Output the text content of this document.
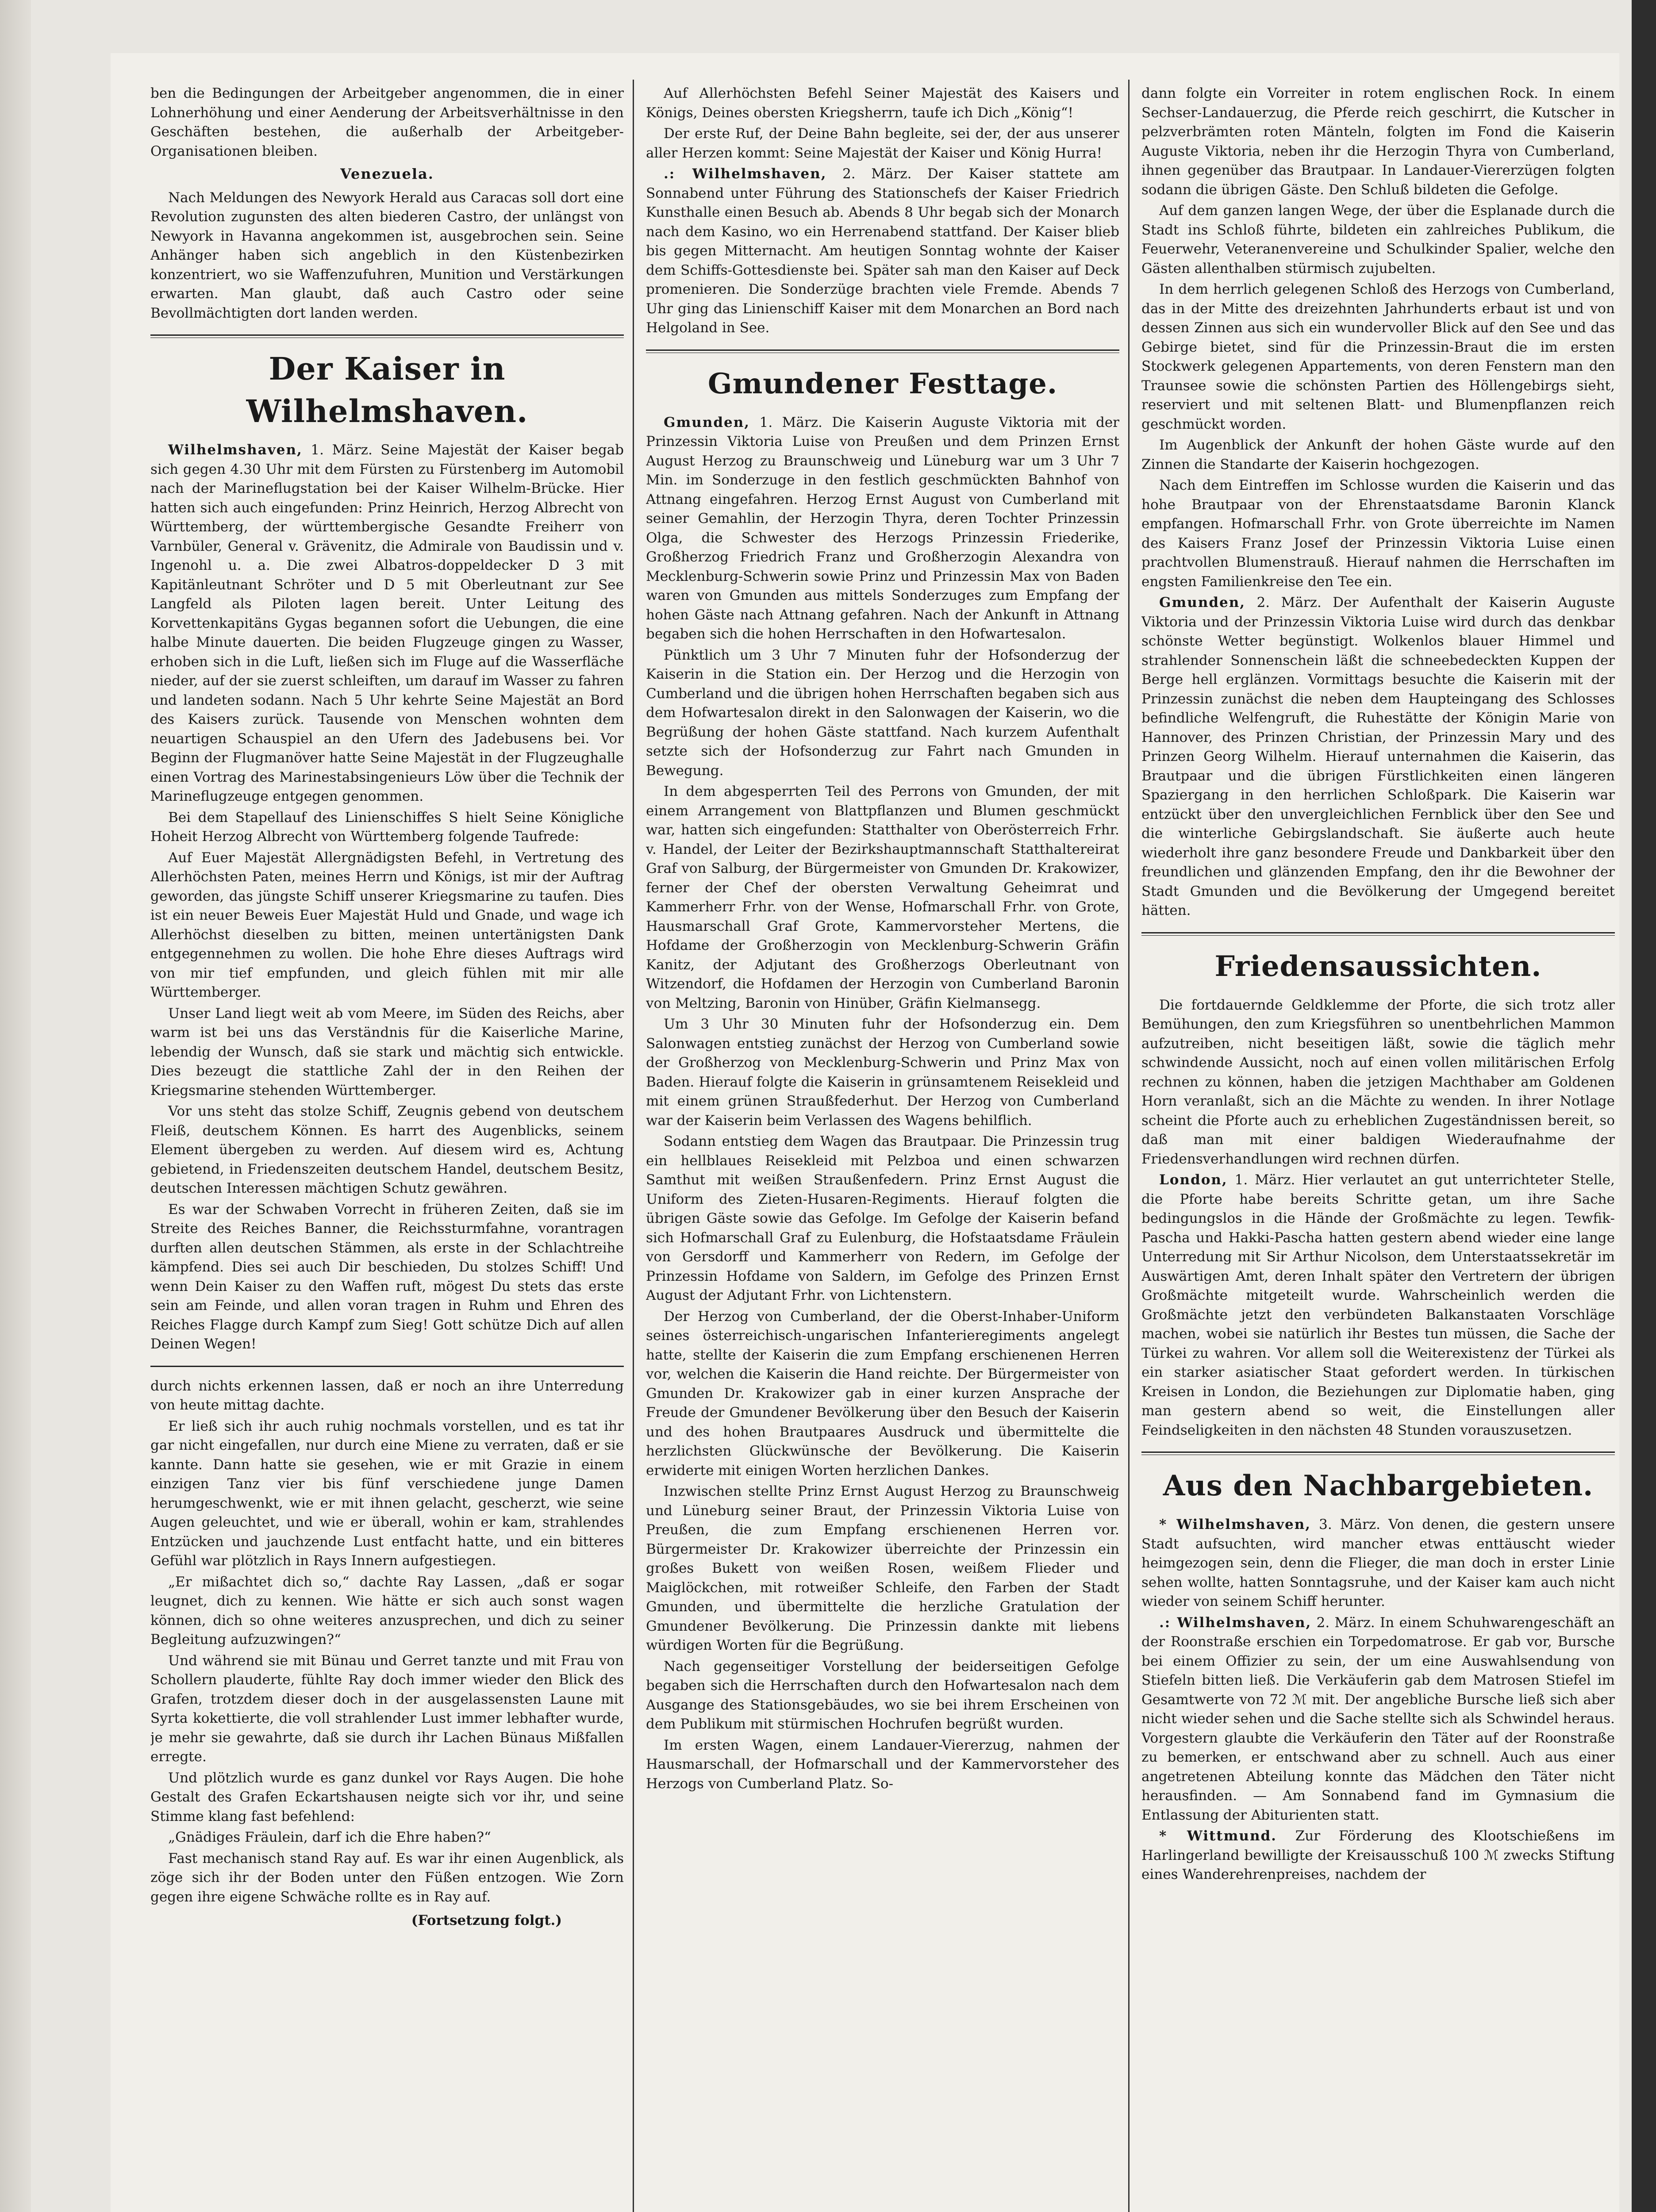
ben die Bedingungen der Arbeitgeber angenommen, die in einer Lohnerhöhung und einer Aenderung der Arbeitsverhältnisse in den Geschäften bestehen, die außerhalb der Arbeitgeber-Organisationen bleiben.

Venezuela.

Nach Meldungen des Newyork Herald aus Caracas soll dort eine Revolution zugunsten des alten biederen Castro, der unlängst von Newyork in Havanna angekommen ist, ausgebrochen sein. Seine Anhänger haben sich angeblich in den Küstenbezirken konzentriert, wo sie Waffenzufuhren, Munition und Verstärkungen erwarten. Man glaubt, daß auch Castro oder seine Bevollmächtigten dort landen werden.

Der Kaiser in Wilhelmshaven.

Wilhelmshaven, 1. März. Seine Majestät der Kaiser begab sich gegen 4.30 Uhr mit dem Fürsten zu Fürstenberg im Automobil nach der Marineflugstation bei der Kaiser Wilhelm-Brücke. Hier hatten sich auch eingefunden: Prinz Heinrich, Herzog Albrecht von Württemberg, der württembergische Gesandte Freiherr von Varnbüler, General v. Grävenitz, die Admirale von Baudissin und v. Ingenohl u. a. Die zwei Albatros-doppeldecker D 3 mit Kapitänleutnant Schröter und D 5 mit Oberleutnant zur See Langfeld als Piloten lagen bereit. Unter Leitung des Korvettenkapitäns Gygas begannen sofort die Uebungen, die eine halbe Minute dauerten. Die beiden Flugzeuge gingen zu Wasser, erhoben sich in die Luft, ließen sich im Fluge auf die Wasserfläche nieder, auf der sie zuerst schleiften, um darauf im Wasser zu fahren und landeten sodann. Nach 5 Uhr kehrte Seine Majestät an Bord des Kaisers zurück. Tausende von Menschen wohnten dem neuartigen Schauspiel an den Ufern des Jadebusens bei. Vor Beginn der Flugmanöver hatte Seine Majestät in der Flugzeughalle einen Vortrag des Marinestabsingenieurs Löw über die Technik der Marineflugzeuge entgegen genommen.

Bei dem Stapellauf des Linienschiffes S hielt Seine Königliche Hoheit Herzog Albrecht von Württemberg folgende Taufrede:

Auf Euer Majestät Allergnädigsten Befehl, in Vertretung des Allerhöchsten Paten, meines Herrn und Königs, ist mir der Auftrag geworden, das jüngste Schiff unserer Kriegsmarine zu taufen. Dies ist ein neuer Beweis Euer Majestät Huld und Gnade, und wage ich Allerhöchst dieselben zu bitten, meinen untertänigsten Dank entgegennehmen zu wollen. Die hohe Ehre dieses Auftrags wird von mir tief empfunden, und gleich fühlen mit mir alle Württemberger.

Unser Land liegt weit ab vom Meere, im Süden des Reichs, aber warm ist bei uns das Verständnis für die Kaiserliche Marine, lebendig der Wunsch, daß sie stark und mächtig sich entwickle. Dies bezeugt die stattliche Zahl der in den Reihen der Kriegsmarine stehenden Württemberger.

Vor uns steht das stolze Schiff, Zeugnis gebend von deutschem Fleiß, deutschem Können. Es harrt des Augenblicks, seinem Element übergeben zu werden. Auf diesem wird es, Achtung gebietend, in Friedenszeiten deutschem Handel, deutschem Besitz, deutschen Interessen mächtigen Schutz gewähren.

Es war der Schwaben Vorrecht in früheren Zeiten, daß sie im Streite des Reiches Banner, die Reichssturmfahne, vorantragen durften allen deutschen Stämmen, als erste in der Schlachtreihe kämpfend. Dies sei auch Dir beschieden, Du stolzes Schiff! Und wenn Dein Kaiser zu den Waffen ruft, mögest Du stets das erste sein am Feinde, und allen voran tragen in Ruhm und Ehren des Reiches Flagge durch Kampf zum Sieg! Gott schütze Dich auf allen Deinen Wegen!

durch nichts erkennen lassen, daß er noch an ihre Unterredung von heute mittag dachte.

Er ließ sich ihr auch ruhig nochmals vorstellen, und es tat ihr gar nicht eingefallen, nur durch eine Miene zu verraten, daß er sie kannte. Dann hatte sie gesehen, wie er mit Grazie in einem einzigen Tanz vier bis fünf verschiedene junge Damen herumgeschwenkt, wie er mit ihnen gelacht, gescherzt, wie seine Augen geleuchtet, und wie er überall, wohin er kam, strahlendes Entzücken und jauchzende Lust entfacht hatte, und ein bitteres Gefühl war plötzlich in Rays Innern aufgestiegen.

„Er mißachtet dich so,“ dachte Ray Lassen, „daß er sogar leugnet, dich zu kennen. Wie hätte er sich auch sonst wagen können, dich so ohne weiteres anzusprechen, und dich zu seiner Begleitung aufzuzwingen?“

Und während sie mit Bünau und Gerret tanzte und mit Frau von Schollern plauderte, fühlte Ray doch immer wieder den Blick des Grafen, trotzdem dieser doch in der ausgelassensten Laune mit Syrta kokettierte, die voll strahlender Lust immer lebhafter wurde, je mehr sie gewahrte, daß sie durch ihr Lachen Bünaus Mißfallen erregte.

Und plötzlich wurde es ganz dunkel vor Rays Augen. Die hohe Gestalt des Grafen Eckartshausen neigte sich vor ihr, und seine Stimme klang fast befehlend:

„Gnädiges Fräulein, darf ich die Ehre haben?“

Fast mechanisch stand Ray auf. Es war ihr einen Augenblick, als zöge sich ihr der Boden unter den Füßen entzogen. Wie Zorn gegen ihre eigene Schwäche rollte es in Ray auf.

(Fortsetzung folgt.)

Auf Allerhöchsten Befehl Seiner Majestät des Kaisers und Königs, Deines obersten Kriegsherrn, taufe ich Dich „König“!

Der erste Ruf, der Deine Bahn begleite, sei der, der aus unserer aller Herzen kommt: Seine Majestät der Kaiser und König Hurra!

.: Wilhelmshaven, 2. März. Der Kaiser stattete am Sonnabend unter Führung des Stationschefs der Kaiser Friedrich Kunsthalle einen Besuch ab. Abends 8 Uhr begab sich der Monarch nach dem Kasino, wo ein Herrenabend stattfand. Der Kaiser blieb bis gegen Mitternacht. Am heutigen Sonntag wohnte der Kaiser dem Schiffs-Gottesdienste bei. Später sah man den Kaiser auf Deck promenieren. Die Sonderzüge brachten viele Fremde. Abends 7 Uhr ging das Linienschiff Kaiser mit dem Monarchen an Bord nach Helgoland in See.

Gmundener Festtage.

Gmunden, 1. März. Die Kaiserin Auguste Viktoria mit der Prinzessin Viktoria Luise von Preußen und dem Prinzen Ernst August Herzog zu Braunschweig und Lüneburg war um 3 Uhr 7 Min. im Sonderzuge in den festlich geschmückten Bahnhof von Attnang eingefahren. Herzog Ernst August von Cumberland mit seiner Gemahlin, der Herzogin Thyra, deren Tochter Prinzessin Olga, die Schwester des Herzogs Prinzessin Friederike, Großherzog Friedrich Franz und Großherzogin Alexandra von Mecklenburg-Schwerin sowie Prinz und Prinzessin Max von Baden waren von Gmunden aus mittels Sonderzuges zum Empfang der hohen Gäste nach Attnang gefahren. Nach der Ankunft in Attnang begaben sich die hohen Herrschaften in den Hofwartesalon.

Pünktlich um 3 Uhr 7 Minuten fuhr der Hofsonderzug der Kaiserin in die Station ein. Der Herzog und die Herzogin von Cumberland und die übrigen hohen Herrschaften begaben sich aus dem Hofwartesalon direkt in den Salonwagen der Kaiserin, wo die Begrüßung der hohen Gäste stattfand. Nach kurzem Aufenthalt setzte sich der Hofsonderzug zur Fahrt nach Gmunden in Bewegung.

In dem abgesperrten Teil des Perrons von Gmunden, der mit einem Arrangement von Blattpflanzen und Blumen geschmückt war, hatten sich eingefunden: Statthalter von Oberösterreich Frhr. v. Handel, der Leiter der Bezirkshauptmannschaft Statthaltereirat Graf von Salburg, der Bürgermeister von Gmunden Dr. Krakowizer, ferner der Chef der obersten Verwaltung Geheimrat und Kammerherr Frhr. von der Wense, Hofmarschall Frhr. von Grote, Hausmarschall Graf Grote, Kammervorsteher Mertens, die Hofdame der Großherzogin von Mecklenburg-Schwerin Gräfin Kanitz, der Adjutant des Großherzogs Oberleutnant von Witzendorf, die Hofdamen der Herzogin von Cumberland Baronin von Meltzing, Baronin von Hinüber, Gräfin Kielmansegg.

Um 3 Uhr 30 Minuten fuhr der Hofsonderzug ein. Dem Salonwagen entstieg zunächst der Herzog von Cumberland sowie der Großherzog von Mecklenburg-Schwerin und Prinz Max von Baden. Hierauf folgte die Kaiserin in grünsamtenem Reisekleid und mit einem grünen Straußfederhut. Der Herzog von Cumberland war der Kaiserin beim Verlassen des Wagens behilflich.

Sodann entstieg dem Wagen das Brautpaar. Die Prinzessin trug ein hellblaues Reisekleid mit Pelzboa und einen schwarzen Samthut mit weißen Straußenfedern. Prinz Ernst August die Uniform des Zieten-Husaren-Regiments. Hierauf folgten die übrigen Gäste sowie das Gefolge. Im Gefolge der Kaiserin befand sich Hofmarschall Graf zu Eulenburg, die Hofstaatsdame Fräulein von Gersdorff und Kammerherr von Redern, im Gefolge der Prinzessin Hofdame von Saldern, im Gefolge des Prinzen Ernst August der Adjutant Frhr. von Lichtenstern.

Der Herzog von Cumberland, der die Oberst-Inhaber-Uniform seines österreichisch-ungarischen Infanterieregiments angelegt hatte, stellte der Kaiserin die zum Empfang erschienenen Herren vor, welchen die Kaiserin die Hand reichte. Der Bürgermeister von Gmunden Dr. Krakowizer gab in einer kurzen Ansprache der Freude der Gmundener Bevölkerung über den Besuch der Kaiserin und des hohen Brautpaares Ausdruck und übermittelte die herzlichsten Glückwünsche der Bevölkerung. Die Kaiserin erwiderte mit einigen Worten herzlichen Dankes.

Inzwischen stellte Prinz Ernst August Herzog zu Braunschweig und Lüneburg seiner Braut, der Prinzessin Viktoria Luise von Preußen, die zum Empfang erschienenen Herren vor. Bürgermeister Dr. Krakowizer überreichte der Prinzessin ein großes Bukett von weißen Rosen, weißem Flieder und Maiglöckchen, mit rotweißer Schleife, den Farben der Stadt Gmunden, und übermittelte die herzliche Gratulation der Gmundener Bevölkerung. Die Prinzessin dankte mit liebens würdigen Worten für die Begrüßung.

Nach gegenseitiger Vorstellung der beiderseitigen Gefolge begaben sich die Herrschaften durch den Hofwartesalon nach dem Ausgange des Stationsgebäudes, wo sie bei ihrem Erscheinen von dem Publikum mit stürmischen Hochrufen begrüßt wurden.

Im ersten Wagen, einem Landauer-Viererzug, nahmen der Hausmarschall, der Hofmarschall und der Kammervorsteher des Herzogs von Cumberland Platz. So-

dann folgte ein Vorreiter in rotem englischen Rock. In einem Sechser-Landauerzug, die Pferde reich geschirrt, die Kutscher in pelzverbrämten roten Mänteln, folgten im Fond die Kaiserin Auguste Viktoria, neben ihr die Herzogin Thyra von Cumberland, ihnen gegenüber das Brautpaar. In Landauer-Viererzügen folgten sodann die übrigen Gäste. Den Schluß bildeten die Gefolge.

Auf dem ganzen langen Wege, der über die Esplanade durch die Stadt ins Schloß führte, bildeten ein zahlreiches Publikum, die Feuerwehr, Veteranenvereine und Schulkinder Spalier, welche den Gästen allenthalben stürmisch zujubelten.

In dem herrlich gelegenen Schloß des Herzogs von Cumberland, das in der Mitte des dreizehnten Jahrhunderts erbaut ist und von dessen Zinnen aus sich ein wundervoller Blick auf den See und das Gebirge bietet, sind für die Prinzessin-Braut die im ersten Stockwerk gelegenen Appartements, von deren Fenstern man den Traunsee sowie die schönsten Partien des Höllengebirgs sieht, reserviert und mit seltenen Blatt- und Blumenpflanzen reich geschmückt worden.

Im Augenblick der Ankunft der hohen Gäste wurde auf den Zinnen die Standarte der Kaiserin hochgezogen.

Nach dem Eintreffen im Schlosse wurden die Kaiserin und das hohe Brautpaar von der Ehrenstaatsdame Baronin Klanck empfangen. Hofmarschall Frhr. von Grote überreichte im Namen des Kaisers Franz Josef der Prinzessin Viktoria Luise einen prachtvollen Blumenstrauß. Hierauf nahmen die Herrschaften im engsten Familienkreise den Tee ein.

Gmunden, 2. März. Der Aufenthalt der Kaiserin Auguste Viktoria und der Prinzessin Viktoria Luise wird durch das denkbar schönste Wetter begünstigt. Wolkenlos blauer Himmel und strahlender Sonnenschein läßt die schneebedeckten Kuppen der Berge hell erglänzen. Vormittags besuchte die Kaiserin mit der Prinzessin zunächst die neben dem Haupteingang des Schlosses befindliche Welfengruft, die Ruhestätte der Königin Marie von Hannover, des Prinzen Christian, der Prinzessin Mary und des Prinzen Georg Wilhelm. Hierauf unternahmen die Kaiserin, das Brautpaar und die übrigen Fürstlichkeiten einen längeren Spaziergang in den herrlichen Schloßpark. Die Kaiserin war entzückt über den unvergleichlichen Fernblick über den See und die winterliche Gebirgslandschaft. Sie äußerte auch heute wiederholt ihre ganz besondere Freude und Dankbarkeit über den freundlichen und glänzenden Empfang, den ihr die Bewohner der Stadt Gmunden und die Bevölkerung der Umgegend bereitet hätten.

Friedensaussichten.

Die fortdauernde Geldklemme der Pforte, die sich trotz aller Bemühungen, den zum Kriegsführen so unentbehrlichen Mammon aufzutreiben, nicht beseitigen läßt, sowie die täglich mehr schwindende Aussicht, noch auf einen vollen militärischen Erfolg rechnen zu können, haben die jetzigen Machthaber am Goldenen Horn veranlaßt, sich an die Mächte zu wenden. In ihrer Notlage scheint die Pforte auch zu erheblichen Zugeständnissen bereit, so daß man mit einer baldigen Wiederaufnahme der Friedensverhandlungen wird rechnen dürfen.

London, 1. März. Hier verlautet an gut unterrichteter Stelle, die Pforte habe bereits Schritte getan, um ihre Sache bedingungslos in die Hände der Großmächte zu legen. Tewfik-Pascha und Hakki-Pascha hatten gestern abend wieder eine lange Unterredung mit Sir Arthur Nicolson, dem Unterstaatssekretär im Auswärtigen Amt, deren Inhalt später den Vertretern der übrigen Großmächte mitgeteilt wurde. Wahrscheinlich werden die Großmächte jetzt den verbündeten Balkanstaaten Vorschläge machen, wobei sie natürlich ihr Bestes tun müssen, die Sache der Türkei zu wahren. Vor allem soll die Weiterexistenz der Türkei als ein starker asiatischer Staat gefordert werden. In türkischen Kreisen in London, die Beziehungen zur Diplomatie haben, ging man gestern abend so weit, die Einstellungen aller Feindseligkeiten in den nächsten 48 Stunden vorauszusetzen.

Aus den Nachbargebieten.

* Wilhelmshaven, 3. März. Von denen, die gestern unsere Stadt aufsuchten, wird mancher etwas enttäuscht wieder heimgezogen sein, denn die Flieger, die man doch in erster Linie sehen wollte, hatten Sonntagsruhe, und der Kaiser kam auch nicht wieder von seinem Schiff herunter.

.: Wilhelmshaven, 2. März. In einem Schuhwarengeschäft an der Roonstraße erschien ein Torpedomatrose. Er gab vor, Bursche bei einem Offizier zu sein, der um eine Auswahlsendung von Stiefeln bitten ließ. Die Verkäuferin gab dem Matrosen Stiefel im Gesamtwerte von 72 ℳ mit. Der angebliche Bursche ließ sich aber nicht wieder sehen und die Sache stellte sich als Schwindel heraus. Vorgestern glaubte die Verkäuferin den Täter auf der Roonstraße zu bemerken, er entschwand aber zu schnell. Auch aus einer angetretenen Abteilung konnte das Mädchen den Täter nicht herausfinden. — Am Sonnabend fand im Gymnasium die Entlassung der Abiturienten statt.

* Wittmund. Zur Förderung des Klootschießens im Harlingerland bewilligte der Kreisausschuß 100 ℳ zwecks Stiftung eines Wanderehrenpreises, nachdem der
